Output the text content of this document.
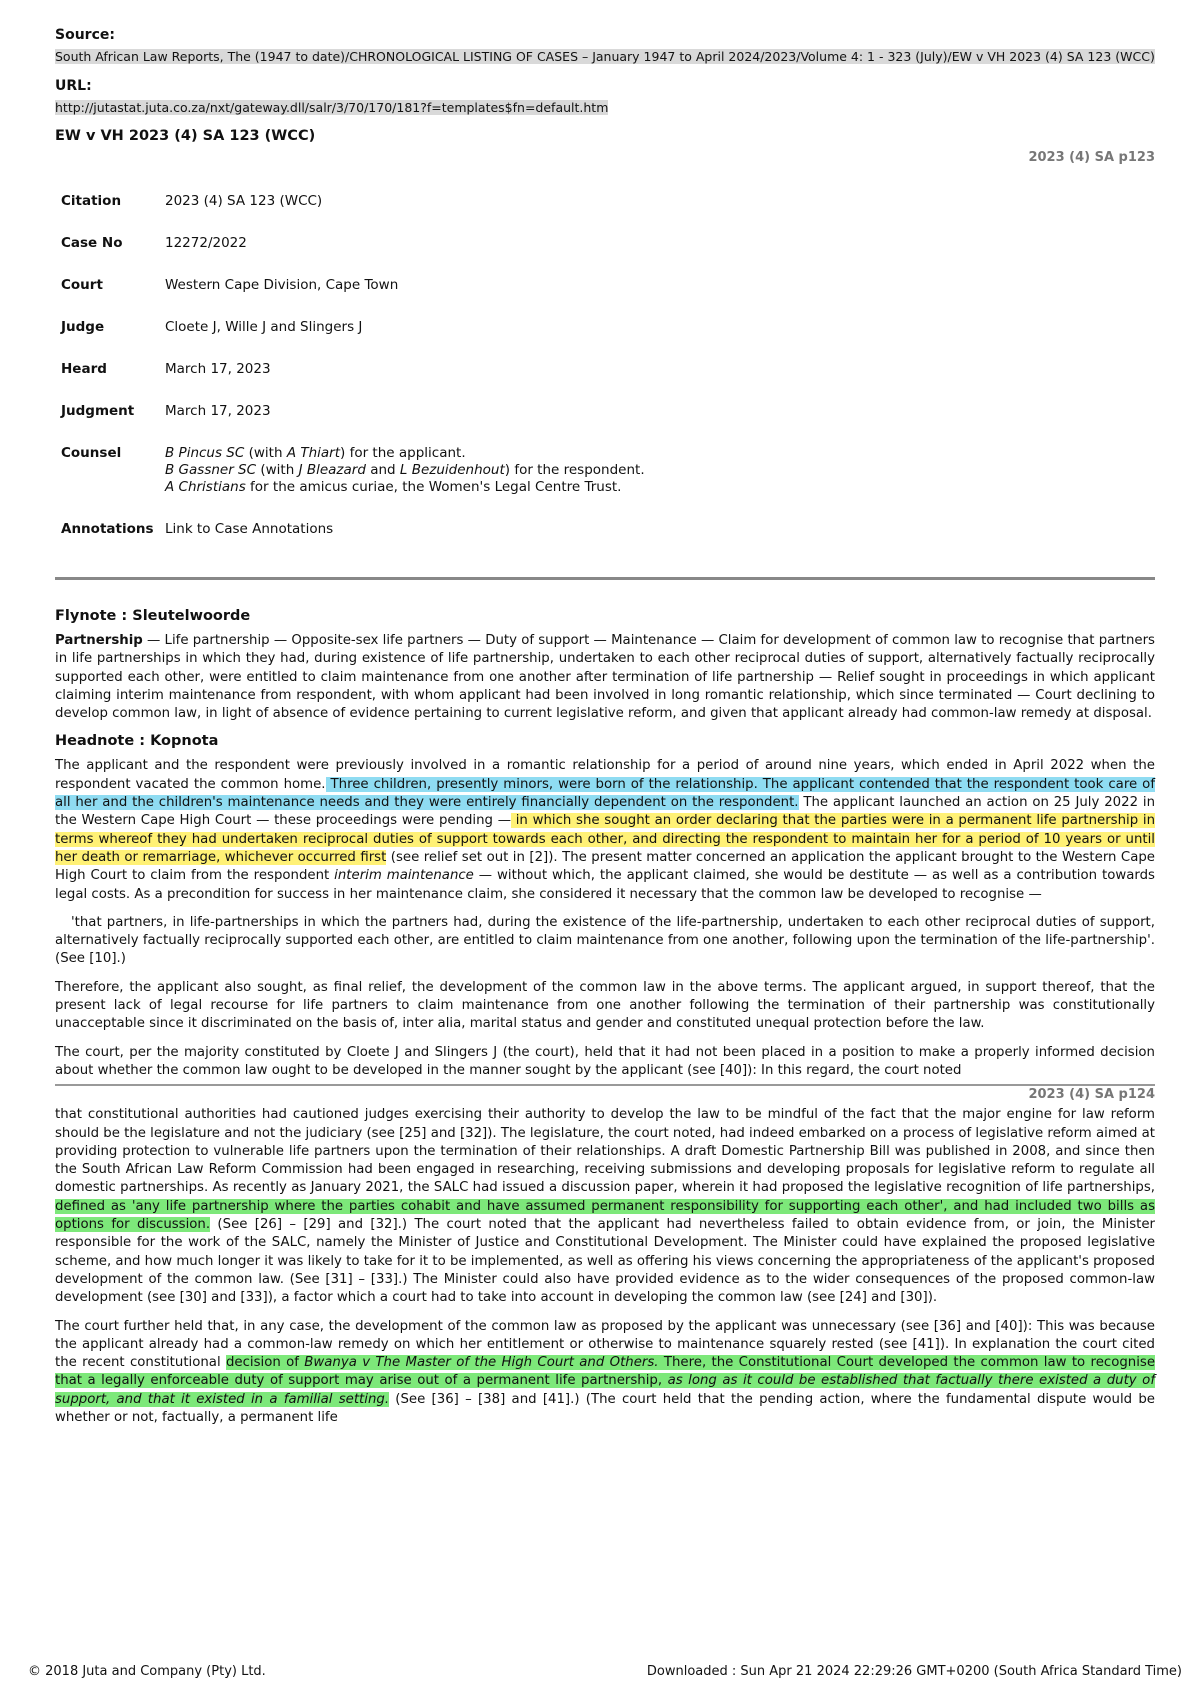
Source:

South African Law Reports, The (1947 to date)/CHRONOLOGICAL LISTING OF CASES – January 1947 to April 2024/2023/Volume 4: 1 - 323 (July)/EW v VH 2023 (4) SA 123 (WCC)

URL:

http://jutastat.juta.co.za/nxt/gateway.dll/salr/3/70/170/181?f=templates$fn=default.htm

EW v VH 2023 (4) SA 123 (WCC)

2023 (4) SA p123

Citation	2023 (4) SA 123 (WCC)
Case No	12272/2022
Court	Western Cape Division, Cape Town
Judge	Cloete J, Wille J and Slingers J
Heard	March 17, 2023
Judgment	March 17, 2023
Counsel	B Pincus SC (with A Thiart) for the applicant.
B Gassner SC (with J Bleazard and L Bezuidenhout) for the respondent.
A Christians for the amicus curiae, the Women's Legal Centre Trust.

Annotations	Link to Case Annotations
Flynote : Sleutelwoorde

Partnership — Life partnership — Opposite-sex life partners — Duty of support — Maintenance — Claim for development of common law to recognise that partners in life partnerships in which they had, during existence of life partnership, undertaken to each other reciprocal duties of support, alternatively factually reciprocally supported each other, were entitled to claim maintenance from one another after termination of life partnership — Relief sought in proceedings in which applicant claiming interim maintenance from respondent, with whom applicant had been involved in long romantic relationship, which since terminated — Court declining to develop common law, in light of absence of evidence pertaining to current legislative reform, and given that applicant already had common-law remedy at disposal.

Headnote : Kopnota

The applicant and the respondent were previously involved in a romantic relationship for a period of around nine years, which ended in April 2022 when the respondent vacated the common home. Three children, presently minors, were born of the relationship. The applicant contended that the respondent took care of all her and the children's maintenance needs and they were entirely financially dependent on the respondent. The applicant launched an action on 25 July 2022 in the Western Cape High Court — these proceedings were pending — in which she sought an order declaring that the parties were in a permanent life partnership in terms whereof they had undertaken reciprocal duties of support towards each other, and directing the respondent to maintain her for a period of 10 years or until her death or remarriage, whichever occurred first (see relief set out in [2]). The present matter concerned an application the applicant brought to the Western Cape High Court to claim from the respondent interim maintenance — without which, the applicant claimed, she would be destitute — as well as a contribution towards legal costs. As a precondition for success in her maintenance claim, she considered it necessary that the common law be developed to recognise —

'that partners, in life-partnerships in which the partners had, during the existence of the life-partnership, undertaken to each other reciprocal duties of support, alternatively factually reciprocally supported each other, are entitled to claim maintenance from one another, following upon the termination of the life-partnership'. (See [10].)

Therefore, the applicant also sought, as final relief, the development of the common law in the above terms. The applicant argued, in support thereof, that the present lack of legal recourse for life partners to claim maintenance from one another following the termination of their partnership was constitutionally unacceptable since it discriminated on the basis of, inter alia, marital status and gender and constituted unequal protection before the law.

The court, per the majority constituted by Cloete J and Slingers J (the court), held that it had not been placed in a position to make a properly informed decision about whether the common law ought to be developed in the manner sought by the applicant (see [40]): In this regard, the court noted

2023 (4) SA p124

that constitutional authorities had cautioned judges exercising their authority to develop the law to be mindful of the fact that the major engine for law reform should be the legislature and not the judiciary (see [25] and [32]). The legislature, the court noted, had indeed embarked on a process of legislative reform aimed at providing protection to vulnerable life partners upon the termination of their relationships. A draft Domestic Partnership Bill was published in 2008, and since then the South African Law Reform Commission had been engaged in researching, receiving submissions and developing proposals for legislative reform to regulate all domestic partnerships. As recently as January 2021, the SALC had issued a discussion paper, wherein it had proposed the legislative recognition of life partnerships, defined as 'any life partnership where the parties cohabit and have assumed permanent responsibility for supporting each other', and had included two bills as options for discussion. (See [26] – [29] and [32].) The court noted that the applicant had nevertheless failed to obtain evidence from, or join, the Minister responsible for the work of the SALC, namely the Minister of Justice and Constitutional Development. The Minister could have explained the proposed legislative scheme, and how much longer it was likely to take for it to be implemented, as well as offering his views concerning the appropriateness of the applicant's proposed development of the common law. (See [31] – [33].) The Minister could also have provided evidence as to the wider consequences of the proposed common-law development (see [30] and [33]), a factor which a court had to take into account in developing the common law (see [24] and [30]).

The court further held that, in any case, the development of the common law as proposed by the applicant was unnecessary (see [36] and [40]): This was because the applicant already had a common-law remedy on which her entitlement or otherwise to maintenance squarely rested (see [41]). In explanation the court cited the recent constitutional decision of Bwanya v The Master of the High Court and Others. There, the Constitutional Court developed the common law to recognise that a legally enforceable duty of support may arise out of a permanent life partnership, as long as it could be established that factually there existed a duty of support, and that it existed in a familial setting. (See [36] – [38] and [41].) (The court held that the pending action, where the fundamental dispute would be whether or not, factually, a permanent life

© 2018 Juta and Company (Pty) Ltd.	Downloaded : Sun Apr 21 2024 22:29:26 GMT+0200 (South Africa Standard Time)
